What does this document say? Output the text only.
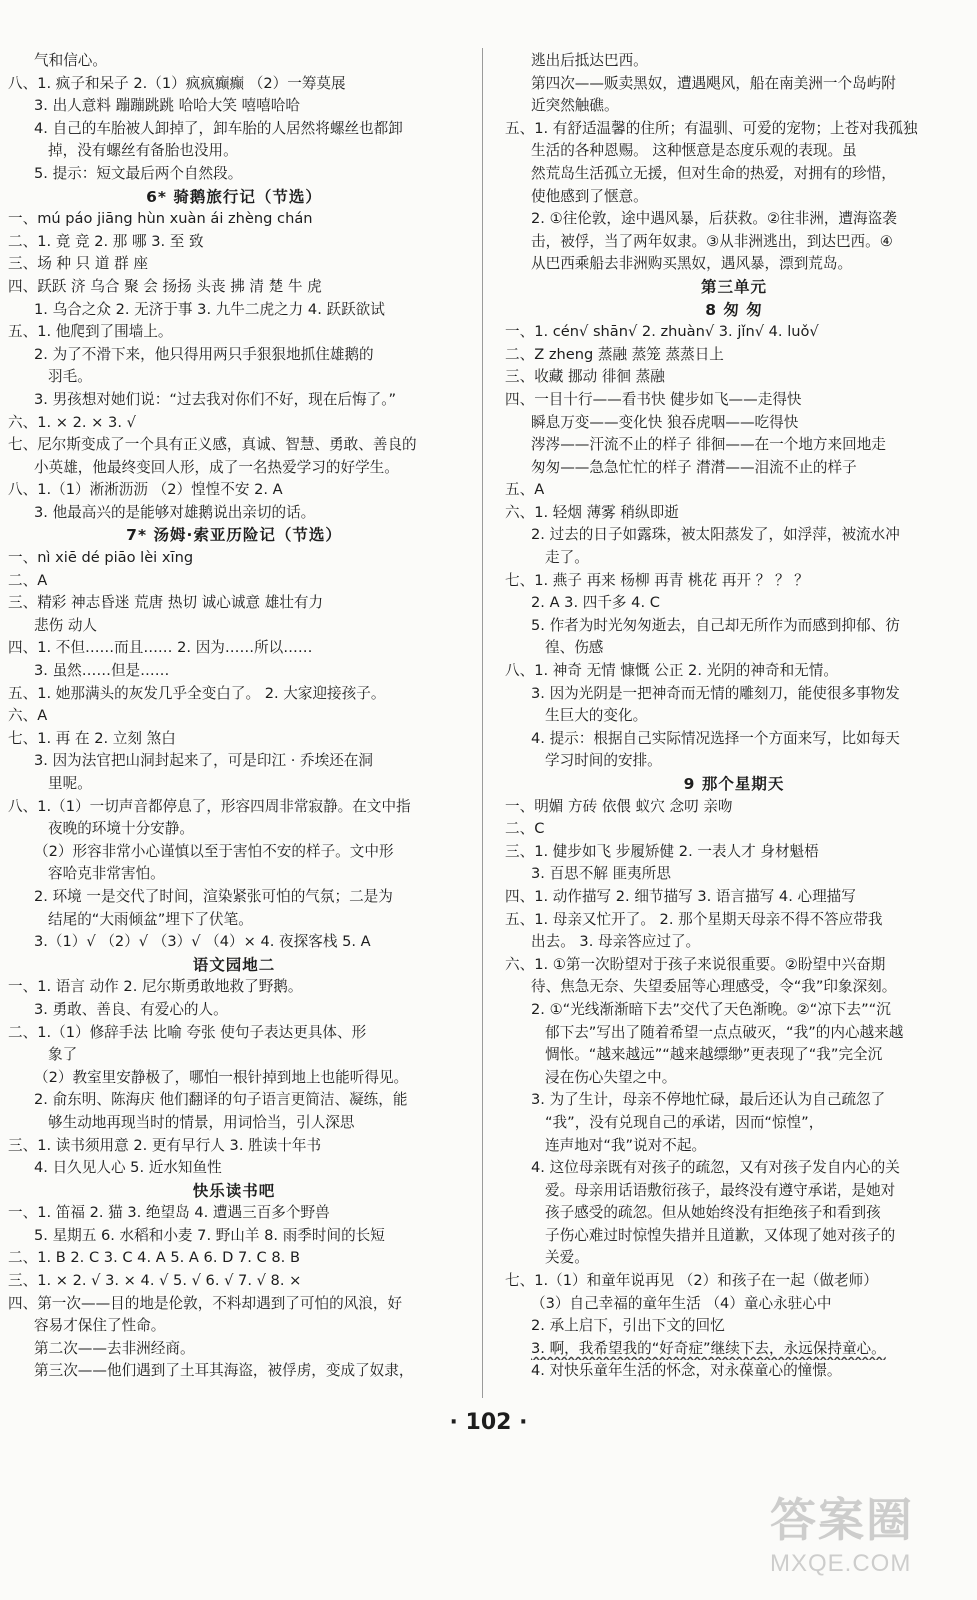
气和信心。
八、1. 疯子和呆子 2.（1）疯疯癫癫 （2）一筹莫展
3. 出人意料 蹦蹦跳跳 哈哈大笑 嘻嘻哈哈
4. 自己的车胎被人卸掉了，卸车胎的人居然将螺丝也都卸
掉，没有螺丝有备胎也没用。
5. 提示：短文最后两个自然段。
6* 骑鹅旅行记（节选）
一、mú páo jiāng hùn xuàn ái zhèng chán
二、1. 竟 竞 2. 那 哪 3. 至 致
三、场 种 只 道 群 座
四、跃跃 济 乌合 聚 会 扬扬 头丧 拂 清 楚 牛 虎
1. 乌合之众 2. 无济于事 3. 九牛二虎之力 4. 跃跃欲试
五、1. 他爬到了围墙上。
2. 为了不滑下来，他只得用两只手狠狠地抓住雄鹅的
羽毛。
3. 男孩想对她们说：“过去我对你们不好，现在后悔了。”
六、1. × 2. × 3. √
七、尼尔斯变成了一个具有正义感，真诚、智慧、勇敢、善良的
小英雄，他最终变回人形，成了一名热爱学习的好学生。
八、1.（1）淅淅沥沥 （2）惶惶不安 2. A
3. 他最高兴的是能够对雄鹅说出亲切的话。
7* 汤姆·索亚历险记（节选）
一、nì xiē dé piāo lèi xīng
二、A
三、精彩 神志昏迷 荒唐 热切 诚心诚意 雄壮有力
悲伤 动人
四、1. 不但……而且…… 2. 因为……所以……
3. 虽然……但是……
五、1. 她那满头的灰发几乎全变白了。 2. 大家迎接孩子。
六、A
七、1. 再 在 2. 立刻 煞白
3. 因为法官把山洞封起来了，可是印江 · 乔埃还在洞
里呢。
八、1.（1）一切声音都停息了，形容四周非常寂静。在文中指
夜晚的环境十分安静。
（2）形容非常小心谨慎以至于害怕不安的样子。文中形
容哈克非常害怕。
2. 环境 一是交代了时间，渲染紧张可怕的气氛；二是为
结尾的“大雨倾盆”埋下了伏笔。
3.（1）√ （2）√ （3）√ （4）× 4. 夜探客栈 5. A
语文园地二
一、1. 语言 动作 2. 尼尔斯勇敢地救了野鹅。
3. 勇敢、善良、有爱心的人。
二、1.（1）修辞手法 比喻 夸张 使句子表达更具体、形
象了
（2）教室里安静极了，哪怕一根针掉到地上也能听得见。
2. 俞东明、陈海庆 他们翻译的句子语言更简洁、凝练，能
够生动地再现当时的情景，用词恰当，引人深思
三、1. 读书须用意 2. 更有早行人 3. 胜读十年书
4. 日久见人心 5. 近水知鱼性
快乐读书吧
一、1. 笛福 2. 猫 3. 绝望岛 4. 遭遇三百多个野兽
5. 星期五 6. 水稻和小麦 7. 野山羊 8. 雨季时间的长短
二、1. B 2. C 3. C 4. A 5. A 6. D 7. C 8. B
三、1. × 2. √ 3. × 4. √ 5. √ 6. √ 7. √ 8. ×
四、第一次——目的地是伦敦，不料却遇到了可怕的风浪，好
容易才保住了性命。
第二次——去非洲经商。
第三次——他们遇到了土耳其海盗，被俘虏，变成了奴隶，
逃出后抵达巴西。
第四次——贩卖黑奴，遭遇飓风，船在南美洲一个岛屿附
近突然触礁。
五、1. 有舒适温馨的住所；有温驯、可爱的宠物；上苍对我孤独
生活的各种恩赐。 这种惬意是态度乐观的表现。虽
然荒岛生活孤立无援，但对生命的热爱，对拥有的珍惜，
使他感到了惬意。
2. ①往伦敦，途中遇风暴，后获救。②往非洲，遭海盗袭
击，被俘，当了两年奴隶。③从非洲逃出，到达巴西。④
从巴西乘船去非洲购买黑奴，遇风暴，漂到荒岛。
第三单元
8 匆 匆
一、1. cén√ shān√ 2. zhuàn√ 3. jǐn√ 4. luǒ√
二、Z zheng 蒸融 蒸笼 蒸蒸日上
三、收藏 挪动 徘徊 蒸融
四、一目十行——看书快 健步如飞——走得快
瞬息万变——变化快 狼吞虎咽——吃得快
涔涔——汗流不止的样子 徘徊——在一个地方来回地走
匆匆——急急忙忙的样子 潸潸——泪流不止的样子
五、A
六、1. 轻烟 薄雾 稍纵即逝
2. 过去的日子如露珠，被太阳蒸发了，如浮萍，被流水冲
走了。
七、1. 燕子 再来 杨柳 再青 桃花 再开 ？ ？ ？
2. A 3. 四千多 4. C
5. 作者为时光匆匆逝去，自己却无所作为而感到抑郁、彷
徨、伤感
八、1. 神奇 无情 慷慨 公正 2. 光阴的神奇和无情。
3. 因为光阴是一把神奇而无情的雕刻刀，能使很多事物发
生巨大的变化。
4. 提示：根据自己实际情况选择一个方面来写，比如每天
学习时间的安排。
9 那个星期天
一、明媚 方砖 依偎 蚁穴 念叨 亲吻
二、C
三、1. 健步如飞 步履矫健 2. 一表人才 身材魁梧
3. 百思不解 匪夷所思
四、1. 动作描写 2. 细节描写 3. 语言描写 4. 心理描写
五、1. 母亲又忙开了。 2. 那个星期天母亲不得不答应带我
出去。 3. 母亲答应过了。
六、1. ①第一次盼望对于孩子来说很重要。②盼望中兴奋期
待、焦急无奈、失望委屈等心理感受，令“我”印象深刻。
2. ①“光线渐渐暗下去”交代了天色渐晚。②“凉下去”“沉
郁下去”写出了随着希望一点点破灭，“我”的内心越来越
惆怅。“越来越远”“越来越缥缈”更表现了“我”完全沉
浸在伤心失望之中。
3. 为了生计，母亲不停地忙碌，最后还认为自己疏忽了
“我”，没有兑现自己的承诺，因而“惊惶”，
连声地对“我”说对不起。
4. 这位母亲既有对孩子的疏忽，又有对孩子发自内心的关
爱。母亲用话语敷衍孩子，最终没有遵守承诺，是她对
孩子感受的疏忽。但从她始终没有拒绝孩子和看到孩
子伤心难过时惊惶失措并且道歉，又体现了她对孩子的
关爱。
七、1.（1）和童年说再见 （2）和孩子在一起（做老师）
（3）自己幸福的童年生活 （4）童心永驻心中
2. 承上启下，引出下文的回忆
3. 啊，我希望我的“好奇症”继续下去，永远保持童心。
4. 对快乐童年生活的怀念，对永葆童心的憧憬。
· 102 ·
答案圈
MXQE.COM
